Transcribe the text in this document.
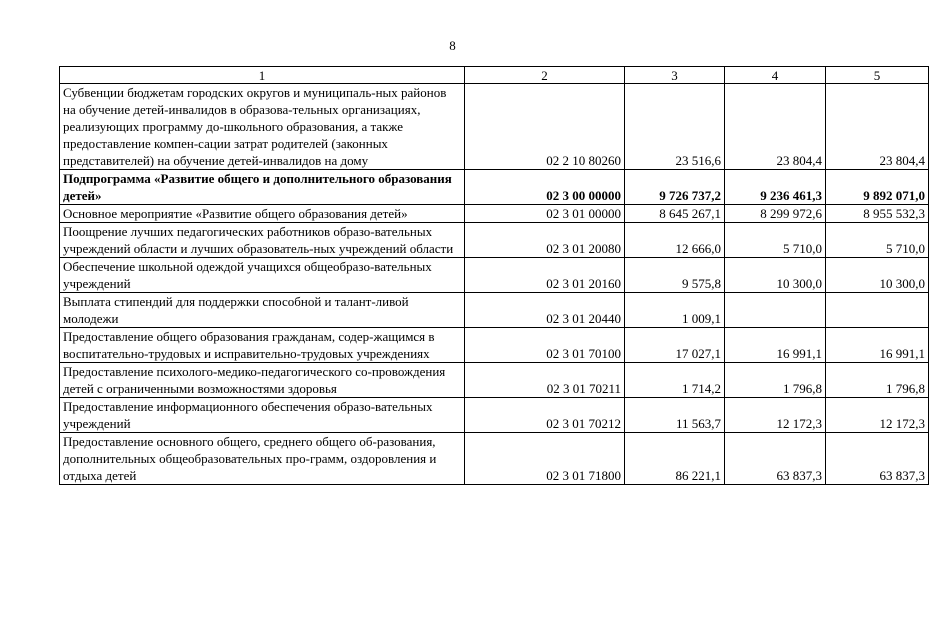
8
1	2	3	4	5
Субвенции бюджетам городских округов и муниципаль-ных районов на обучение детей-инвалидов в образова-тельных организациях, реализующих программу до-школьного образования, а также предоставление компен-сации затрат родителей (законных представителей) на обучение детей-инвалидов на дому	02 2 10 80260	23 516,6	23 804,4	23 804,4
Подпрограмма «Развитие общего и дополнительного образования детей»	02 3 00 00000	9 726 737,2	9 236 461,3	9 892 071,0
Основное мероприятие «Развитие общего образования детей»	02 3 01 00000	8 645 267,1	8 299 972,6	8 955 532,3
Поощрение лучших педагогических работников образо-вательных учреждений области и лучших образователь-ных учреждений области	02 3 01 20080	12 666,0	5 710,0	5 710,0
Обеспечение школьной одеждой учащихся общеобразо-вательных учреждений	02 3 01 20160	9 575,8	10 300,0	10 300,0
Выплата стипендий для поддержки способной и талант-ливой молодежи	02 3 01 20440	1 009,1		
Предоставление общего образования гражданам, содер-жащимся в воспитательно-трудовых и исправительно-трудовых учреждениях	02 3 01 70100	17 027,1	16 991,1	16 991,1
Предоставление психолого-медико-педагогического со-провождения детей с ограниченными возможностями здоровья	02 3 01 70211	1 714,2	1 796,8	1 796,8
Предоставление информационного обеспечения образо-вательных учреждений	02 3 01 70212	11 563,7	12 172,3	12 172,3
Предоставление основного общего, среднего общего об-разования, дополнительных общеобразовательных про-грамм, оздоровления и отдыха детей	02 3 01 71800	86 221,1	63 837,3	63 837,3
